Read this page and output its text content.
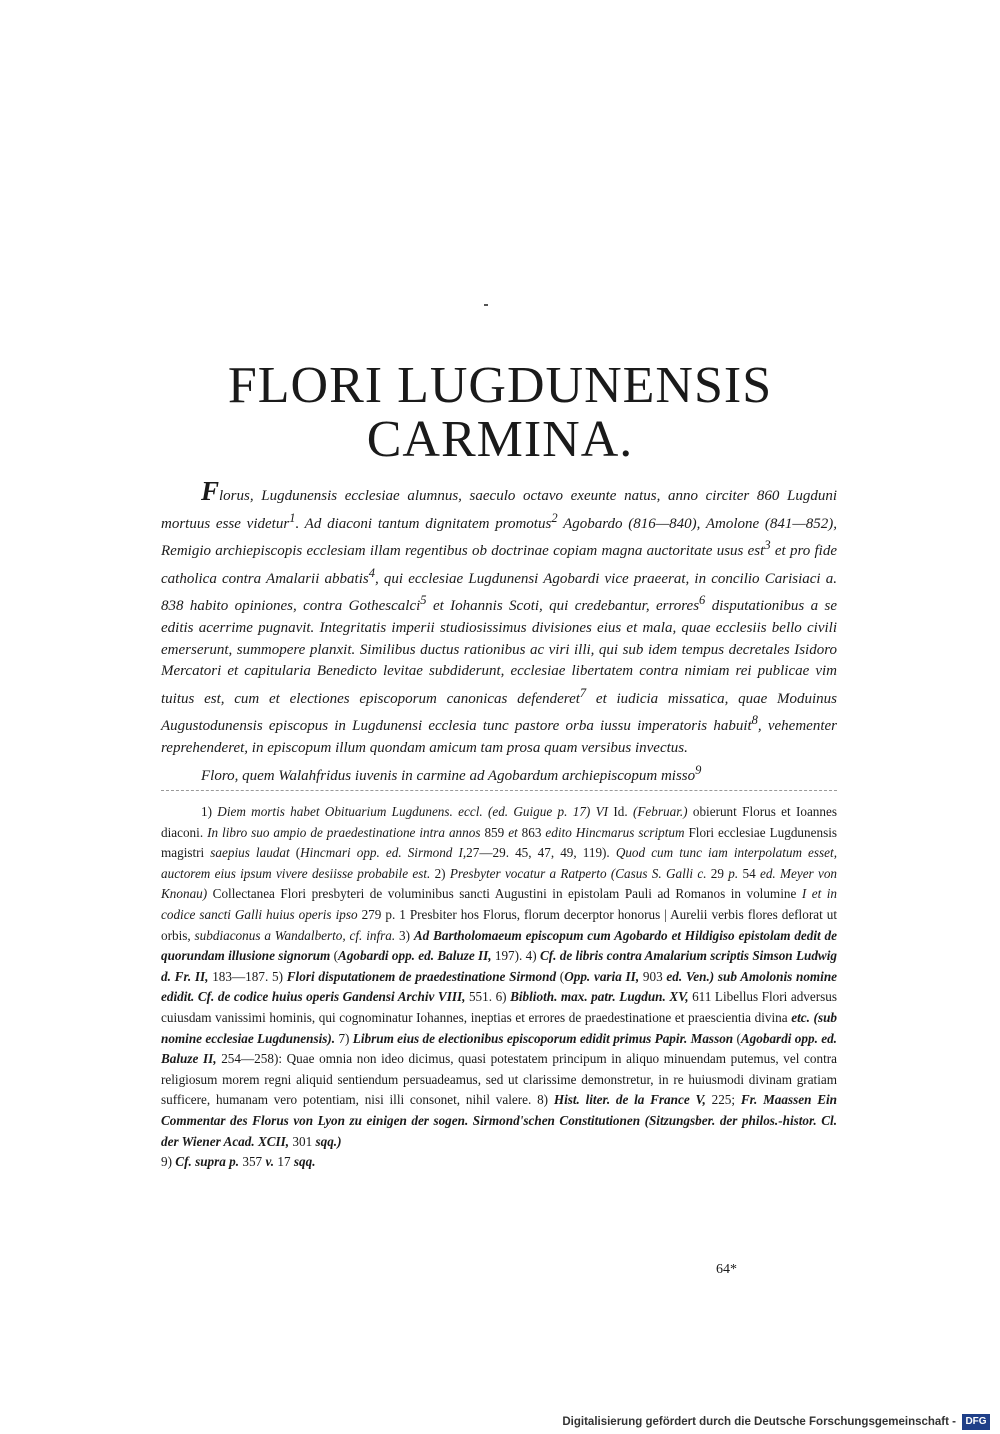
FLORI LUGDUNENSIS
CARMINA.

Florus, Lugdunensis ecclesiae alumnus, saeculo octavo exeunte natus, anno circiter 860 Lugduni mortuus esse videtur$^1$. Ad diaconi tantum dignitatem promotus$^2$ Agobardo (816—840), Amolone (841—852), Remigio archiepiscopis ecclesiam illam regentibus ob doctrinae copiam magna auctoritate usus est$^3$ et pro fide catholica contra Amalarii abbatis$^4$, qui ecclesiae Lugdunensi Agobardi vice praeerat, in concilio Carisiaci a. 838 habito opiniones, contra Gothescalci$^5$ et Iohannis Scoti, qui credebantur, errores$^6$ disputationibus a se editis acerrime pugnavit. Integritatis imperii studiosissimus divisiones eius et mala, quae ecclesiis bello civili emerserunt, summopere planxit. Similibus ductus rationibus ac viri illi, qui sub idem tempus decretales Isidoro Mercatori et capitularia Benedicto levitae subdiderunt, ecclesiae libertatem contra nimiam rei publicae vim tuitus est, cum et electiones episcoporum canonicas defenderet$^7$ et iudicia missatica, quae Moduinus Augustodunensis episcopus in Lugdunensi ecclesia tunc pastore orba iussu imperatoris habuit$^8$, vehementer reprehenderet, in episcopum illum quondam amicum tam prosa quam versibus invectus.

Floro, quem Walahfridus iuvenis in carmine ad Agobardum archiepiscopum misso$^9$

1) Diem mortis habet Obituarium Lugdunens. eccl. (ed. Guigue p. 17) VI Id. (Februar.) obierunt Florus et Ioannes diaconi. In libro suo ampio de praedestinatione intra annos 859 et 863 edito Hincmarus scriptum Flori ecclesiae Lugdunensis magistri saepius laudat (Hincmari opp. ed. Sirmond I,27—29. 45, 47, 49, 119). Quod cum tunc iam interpolatum esset, auctorem eius ipsum vivere desiisse probabile est. 2) Presbyter vocatur a Ratperto (Casus S. Galli c. 29 p. 54 ed. Meyer von Knonau) Collectanea Flori presbyteri de voluminibus sancti Augustini in epistolam Pauli ad Romanos in volumine I et in codice sancti Galli huius operis ipso 279 p. 1 Presbiter hos Florus, florum decerptor honorus | Aurelii verbis flores deflorat ut orbis, subdiaconus a Wandalberto, cf. infra. 3) Ad Bartholomaeum episcopum cum Agobardo et Hildigiso epistolam dedit de quorundam illusione signorum (Agobardi opp. ed. Baluze II, 197). 4) Cf. de libris contra Amalarium scriptis Simson Ludwig d. Fr. II, 183—187. 5) Flori disputationem de praedestinatione Sirmond (Opp. varia II, 903 ed. Ven.) sub Amolonis nomine edidit. Cf. de codice huius operis Gandensi Archiv VIII, 551. 6) Biblioth. max. patr. Lugdun. XV, 611 Libellus Flori adversus cuiusdam vanissimi hominis, qui cognominatur Iohannes, ineptias et errores de praedestinatione et praescientia divina etc. (sub nomine ecclesiae Lugdunensis). 7) Librum eius de electionibus episcoporum edidit primus Papir. Masson (Agobardi opp. ed. Baluze II, 254—258): Quae omnia non ideo dicimus, quasi potestatem principum in aliquo minuendam putemus, vel contra religiosum morem regni aliquid sentiendum persuadeamus, sed ut clarissime demonstretur, in re huiusmodi divinam gratiam sufficere, humanam vero potentiam, nisi illi consonet, nihil valere. 8) Hist. liter. de la France V, 225; Fr. Maassen Ein Commentar des Florus von Lyon zu einigen der sogen. Sirmond'schen Constitutionen (Sitzungsber. der philos.-histor. Cl. der Wiener Acad. XCII, 301 sqq.)

9) Cf. supra p. 357 v. 17 sqq.

64*
Digitalisierung gefördert durch die Deutsche Forschungsgemeinschaft - DFG
